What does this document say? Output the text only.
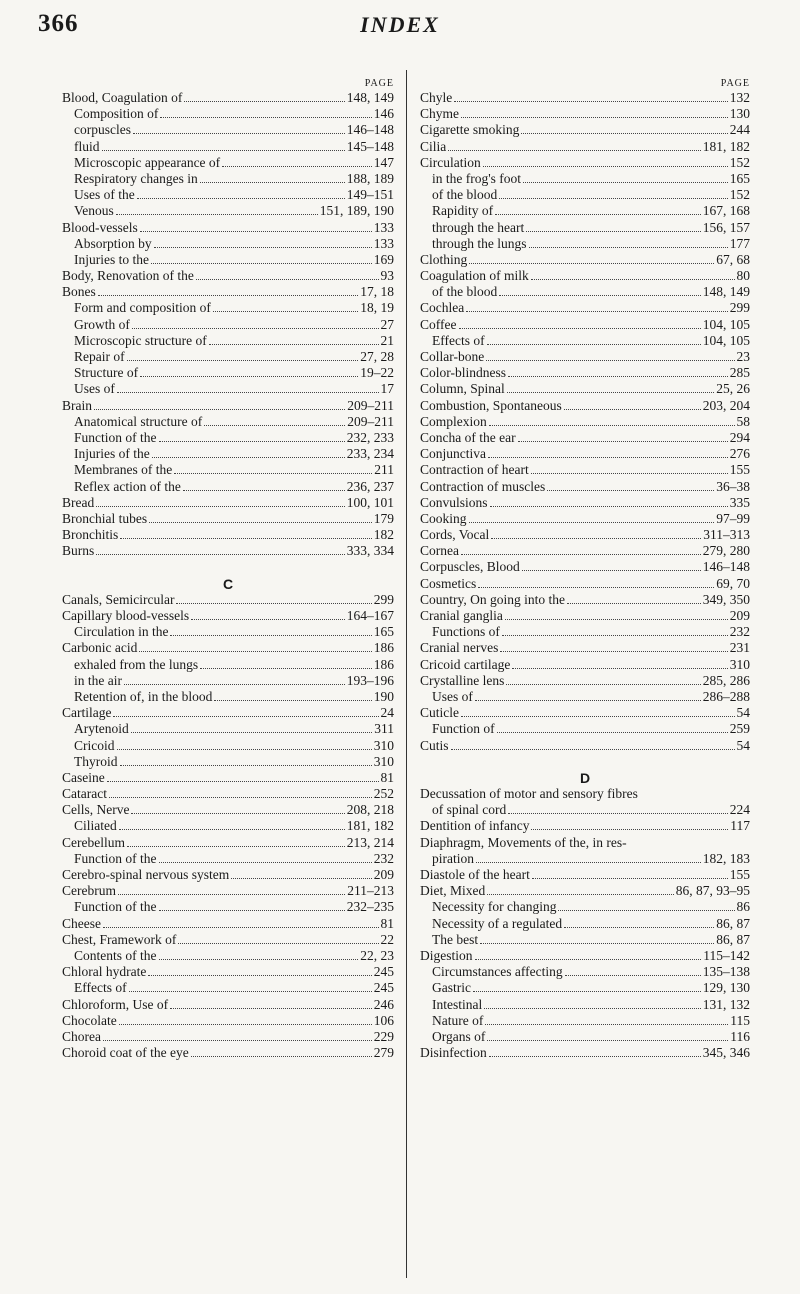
366	INDEX
PAGE
Blood, Coagulation of	148, 149
Composition of	146
corpuscles	146–148
fluid	145–148
Microscopic appearance of	147
Respiratory changes in	188, 189
Uses of the	149–151
Venous	151, 189, 190
Blood-vessels	133
Absorption by	133
Injuries to the	169
Body, Renovation of the	93
Bones	17, 18
Form and composition of	18, 19
Growth of	27
Microscopic structure of	21
Repair of	27, 28
Structure of	19–22
Uses of	17
Brain	209–211
Anatomical structure of	209–211
Function of the	232, 233
Injuries of the	233, 234
Membranes of the	211
Reflex action of the	236, 237
Bread	100, 101
Bronchial tubes	179
Bronchitis	182
Burns	333, 334
C
Canals, Semicircular	299
Capillary blood-vessels	164–167
Circulation in the	165
Carbonic acid	186
exhaled from the lungs	186
in the air	193–196
Retention of, in the blood	190
Cartilage	24
Arytenoid	311
Cricoid	310
Thyroid	310
Caseine	81
Cataract	252
Cells, Nerve	208, 218
Ciliated	181, 182
Cerebellum	213, 214
Function of the	232
Cerebro-spinal nervous system	209
Cerebrum	211–213
Function of the	232–235
Cheese	81
Chest, Framework of	22
Contents of the	22, 23
Chloral hydrate	245
Effects of	245
Chloroform, Use of	246
Chocolate	106
Chorea	229
Choroid coat of the eye	279
PAGE
Chyle	132
Chyme	130
Cigarette smoking	244
Cilia	181, 182
Circulation	152
in the frog's foot	165
of the blood	152
Rapidity of	167, 168
through the heart	156, 157
through the lungs	177
Clothing	67, 68
Coagulation of milk	80
of the blood	148, 149
Cochlea	299
Coffee	104, 105
Effects of	104, 105
Collar-bone	23
Color-blindness	285
Column, Spinal	25, 26
Combustion, Spontaneous	203, 204
Complexion	58
Concha of the ear	294
Conjunctiva	276
Contraction of heart	155
Contraction of muscles	36–38
Convulsions	335
Cooking	97–99
Cords, Vocal	311–313
Cornea	279, 280
Corpuscles, Blood	146–148
Cosmetics	69, 70
Country, On going into the	349, 350
Cranial ganglia	209
Functions of	232
Cranial nerves	231
Cricoid cartilage	310
Crystalline lens	285, 286
Uses of	286–288
Cuticle	54
Function of	259
Cutis	54
D
Decussation of motor and sensory fibres
of spinal cord	224
Dentition of infancy	117
Diaphragm, Movements of the, in res-
piration	182, 183
Diastole of the heart	155
Diet, Mixed	86, 87, 93–95
Necessity for changing	86
Necessity of a regulated	86, 87
The best	86, 87
Digestion	115–142
Circumstances affecting	135–138
Gastric	129, 130
Intestinal	131, 132
Nature of	115
Organs of	116
Disinfection	345, 346
